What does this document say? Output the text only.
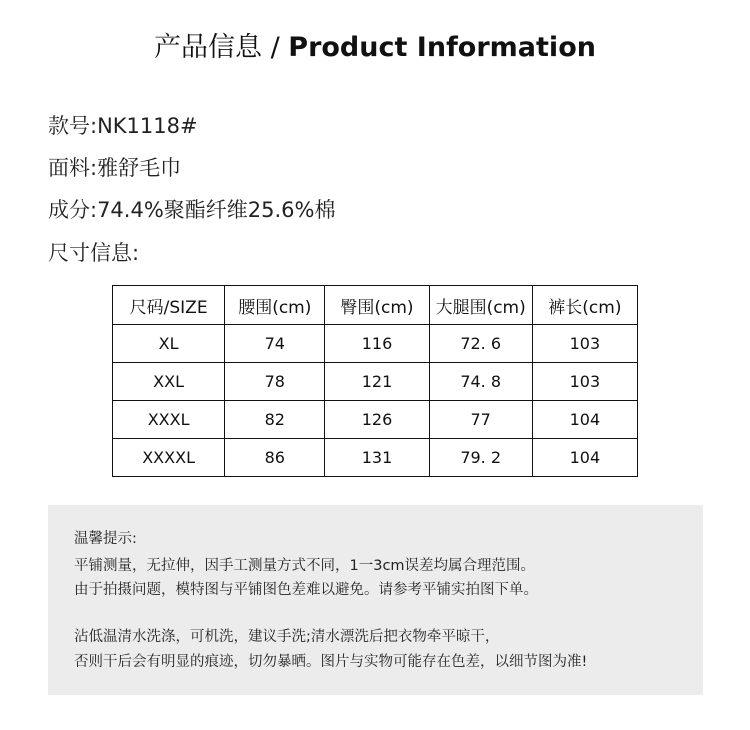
产品信息 / Product Information
款号:NK1118#
面料:雅舒毛巾
成分:74.4%聚酯纤维25.6%棉
尺寸信息:
尺码/SIZE	腰围(cm)	臀围(cm)	大腿围(cm)	裤长(cm)
XL	74	116	72. 6	103
XXL	78	121	74. 8	103
XXXL	82	126	77	104
XXXXL	86	131	79. 2	104
温馨提示:
平铺测量，无拉伸，因手工测量方式不同，1一3cm误差均属合理范围。
由于拍摄问题，模特图与平铺图色差难以避免。请参考平铺实拍图下单。
沾低温清水洗涤，可机洗，建议手洗;清水漂洗后把衣物牵平晾干，
否则干后会有明显的痕迹，切勿暴晒。图片与实物可能存在色差，以细节图为准!
